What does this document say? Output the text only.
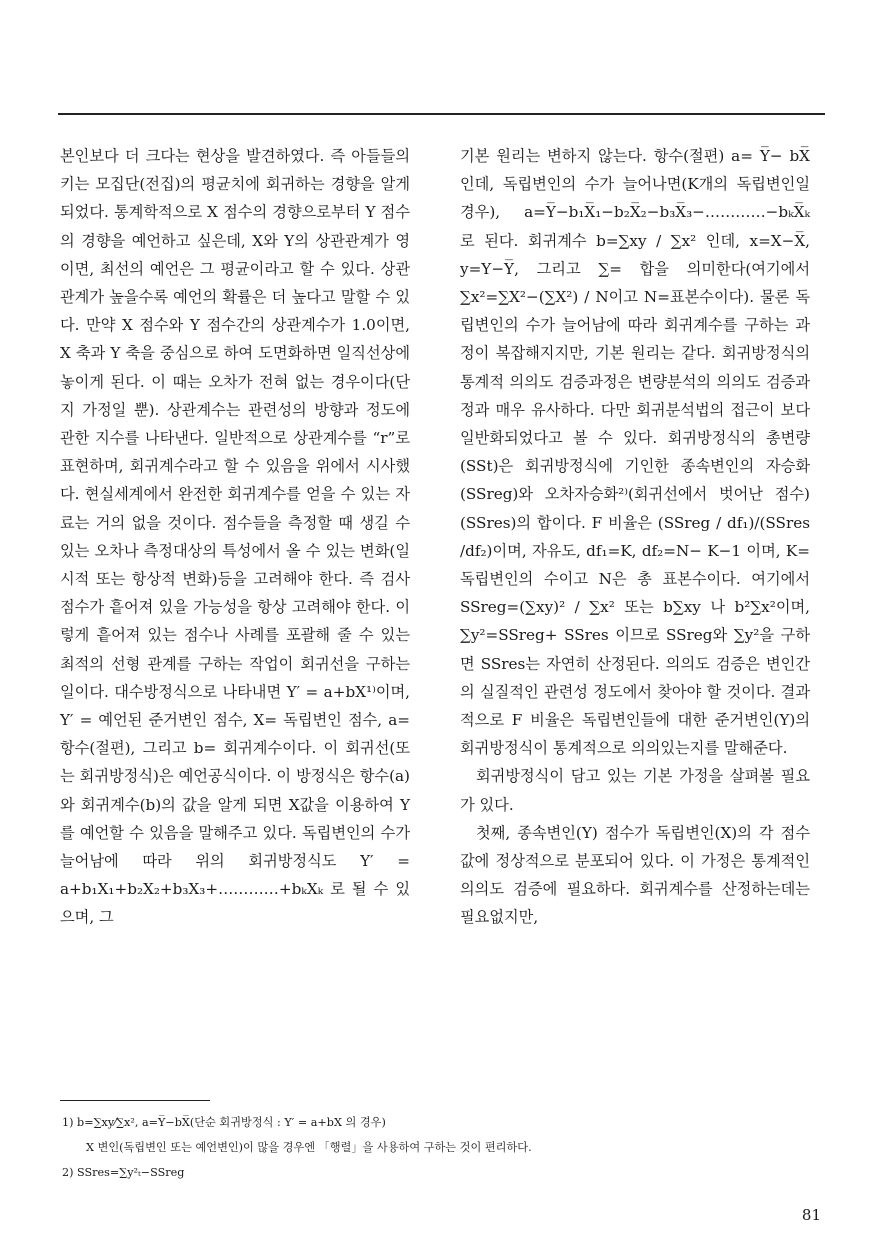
본인보다 더 크다는 현상을 발견하였다. 즉 아들들의 키는 모집단(전집)의 평균치에 회귀하는 경향을 알게 되었다. 통계학적으로 X 점수의 경향으로부터 Y 점수의 경향을 예언하고 싶은데, X와 Y의 상관관계가 영이면, 최선의 예언은 그 평균이라고 할 수 있다. 상관관계가 높을수록 예언의 확률은 더 높다고 말할 수 있다. 만약 X 점수와 Y 점수간의 상관계수가 1.0이면, X 축과 Y 축을 중심으로 하여 도면화하면 일직선상에 놓이게 된다. 이 때는 오차가 전혀 없는 경우이다(단지 가정일 뿐). 상관계수는 관련성의 방향과 정도에 관한 지수를 나타낸다. 일반적으로 상관계수를 “r”로 표현하며, 회귀계수라고 할 수 있음을 위에서 시사했다. 현실세계에서 완전한 회귀계수를 얻을 수 있는 자료는 거의 없을 것이다. 점수들을 측정할 때 생길 수 있는 오차나 측정대상의 특성에서 올 수 있는 변화(일시적 또는 항상적 변화)등을 고려해야 한다. 즉 검사점수가 흩어져 있을 가능성을 항상 고려해야 한다. 이렇게 흩어져 있는 점수나 사례를 포괄해 줄 수 있는 최적의 선형 관계를 구하는 작업이 회귀선을 구하는 일이다. 대수방정식으로 나타내면 Y′ = a+bX¹⁾이며, Y′ = 예언된 준거변인 점수, X= 독립변인 점수, a= 항수(절편), 그리고 b= 회귀계수이다. 이 회귀선(또는 회귀방정식)은 예언공식이다. 이 방정식은 항수(a)와 회귀계수(b)의 값을 알게 되면 X값을 이용하여 Y를 예언할 수 있음을 말해주고 있다. 독립변인의 수가 늘어남에 따라 위의 회귀방정식도 Y′ = a+b₁X₁+b₂X₂+b₃X₃+…………+bₖXₖ 로 될 수 있으며, 그

기본 원리는 변하지 않는다. 항수(절편) a= Y̅− bX̅ 인데, 독립변인의 수가 늘어나면(K개의 독립변인일 경우), a=Y̅−b₁X̅₁−b₂X̅₂−b₃X̅₃−…………−bₖX̅ₖ 로 된다. 회귀계수 b=∑xy / ∑x² 인데, x=X−X̅, y=Y−Y̅, 그리고 ∑= 합을 의미한다(여기에서 ∑x²=∑X²−(∑X²) / N이고 N=표본수이다). 물론 독립변인의 수가 늘어남에 따라 회귀계수를 구하는 과정이 복잡해지지만, 기본 원리는 같다. 회귀방정식의 통계적 의의도 검증과정은 변량분석의 의의도 검증과정과 매우 유사하다. 다만 회귀분석법의 접근이 보다 일반화되었다고 볼 수 있다. 회귀방정식의 총변량(SSt)은 회귀방정식에 기인한 종속변인의 자승화(SSreg)와 오차자승화²⁾(회귀선에서 벗어난 점수)(SSres)의 합이다. F 비율은 (SSreg / df₁)/(SSres /df₂)이며, 자유도, df₁=K, df₂=N− K−1 이며, K= 독립변인의 수이고 N은 총 표본수이다. 여기에서 SSreg=(∑xy)² / ∑x² 또는 b∑xy 나 b²∑x²이며, ∑y²=SSreg+ SSres 이므로 SSreg와 ∑y²을 구하면 SSres는 자연히 산정된다. 의의도 검증은 변인간의 실질적인 관련성 정도에서 찾아야 할 것이다. 결과적으로 F 비율은 독립변인들에 대한 준거변인(Y)의 회귀방정식이 통계적으로 의의있는지를 말해준다.

회귀방정식이 담고 있는 기본 가정을 살펴볼 필요가 있다.

첫째, 종속변인(Y) 점수가 독립변인(X)의 각 점수값에 정상적으로 분포되어 있다. 이 가정은 통계적인 의의도 검증에 필요하다. 회귀계수를 산정하는데는 필요없지만,

1) b=∑xy⁄∑x², a=Y̅−bX̅(단순 회귀방정식 : Y′ = a+bX 의 경우)
X 변인(독립변인 또는 예언변인)이 많을 경우엔 「행렬」을 사용하여 구하는 것이 편리하다.
2) SSres=∑y²ₜ−SSreg
81
